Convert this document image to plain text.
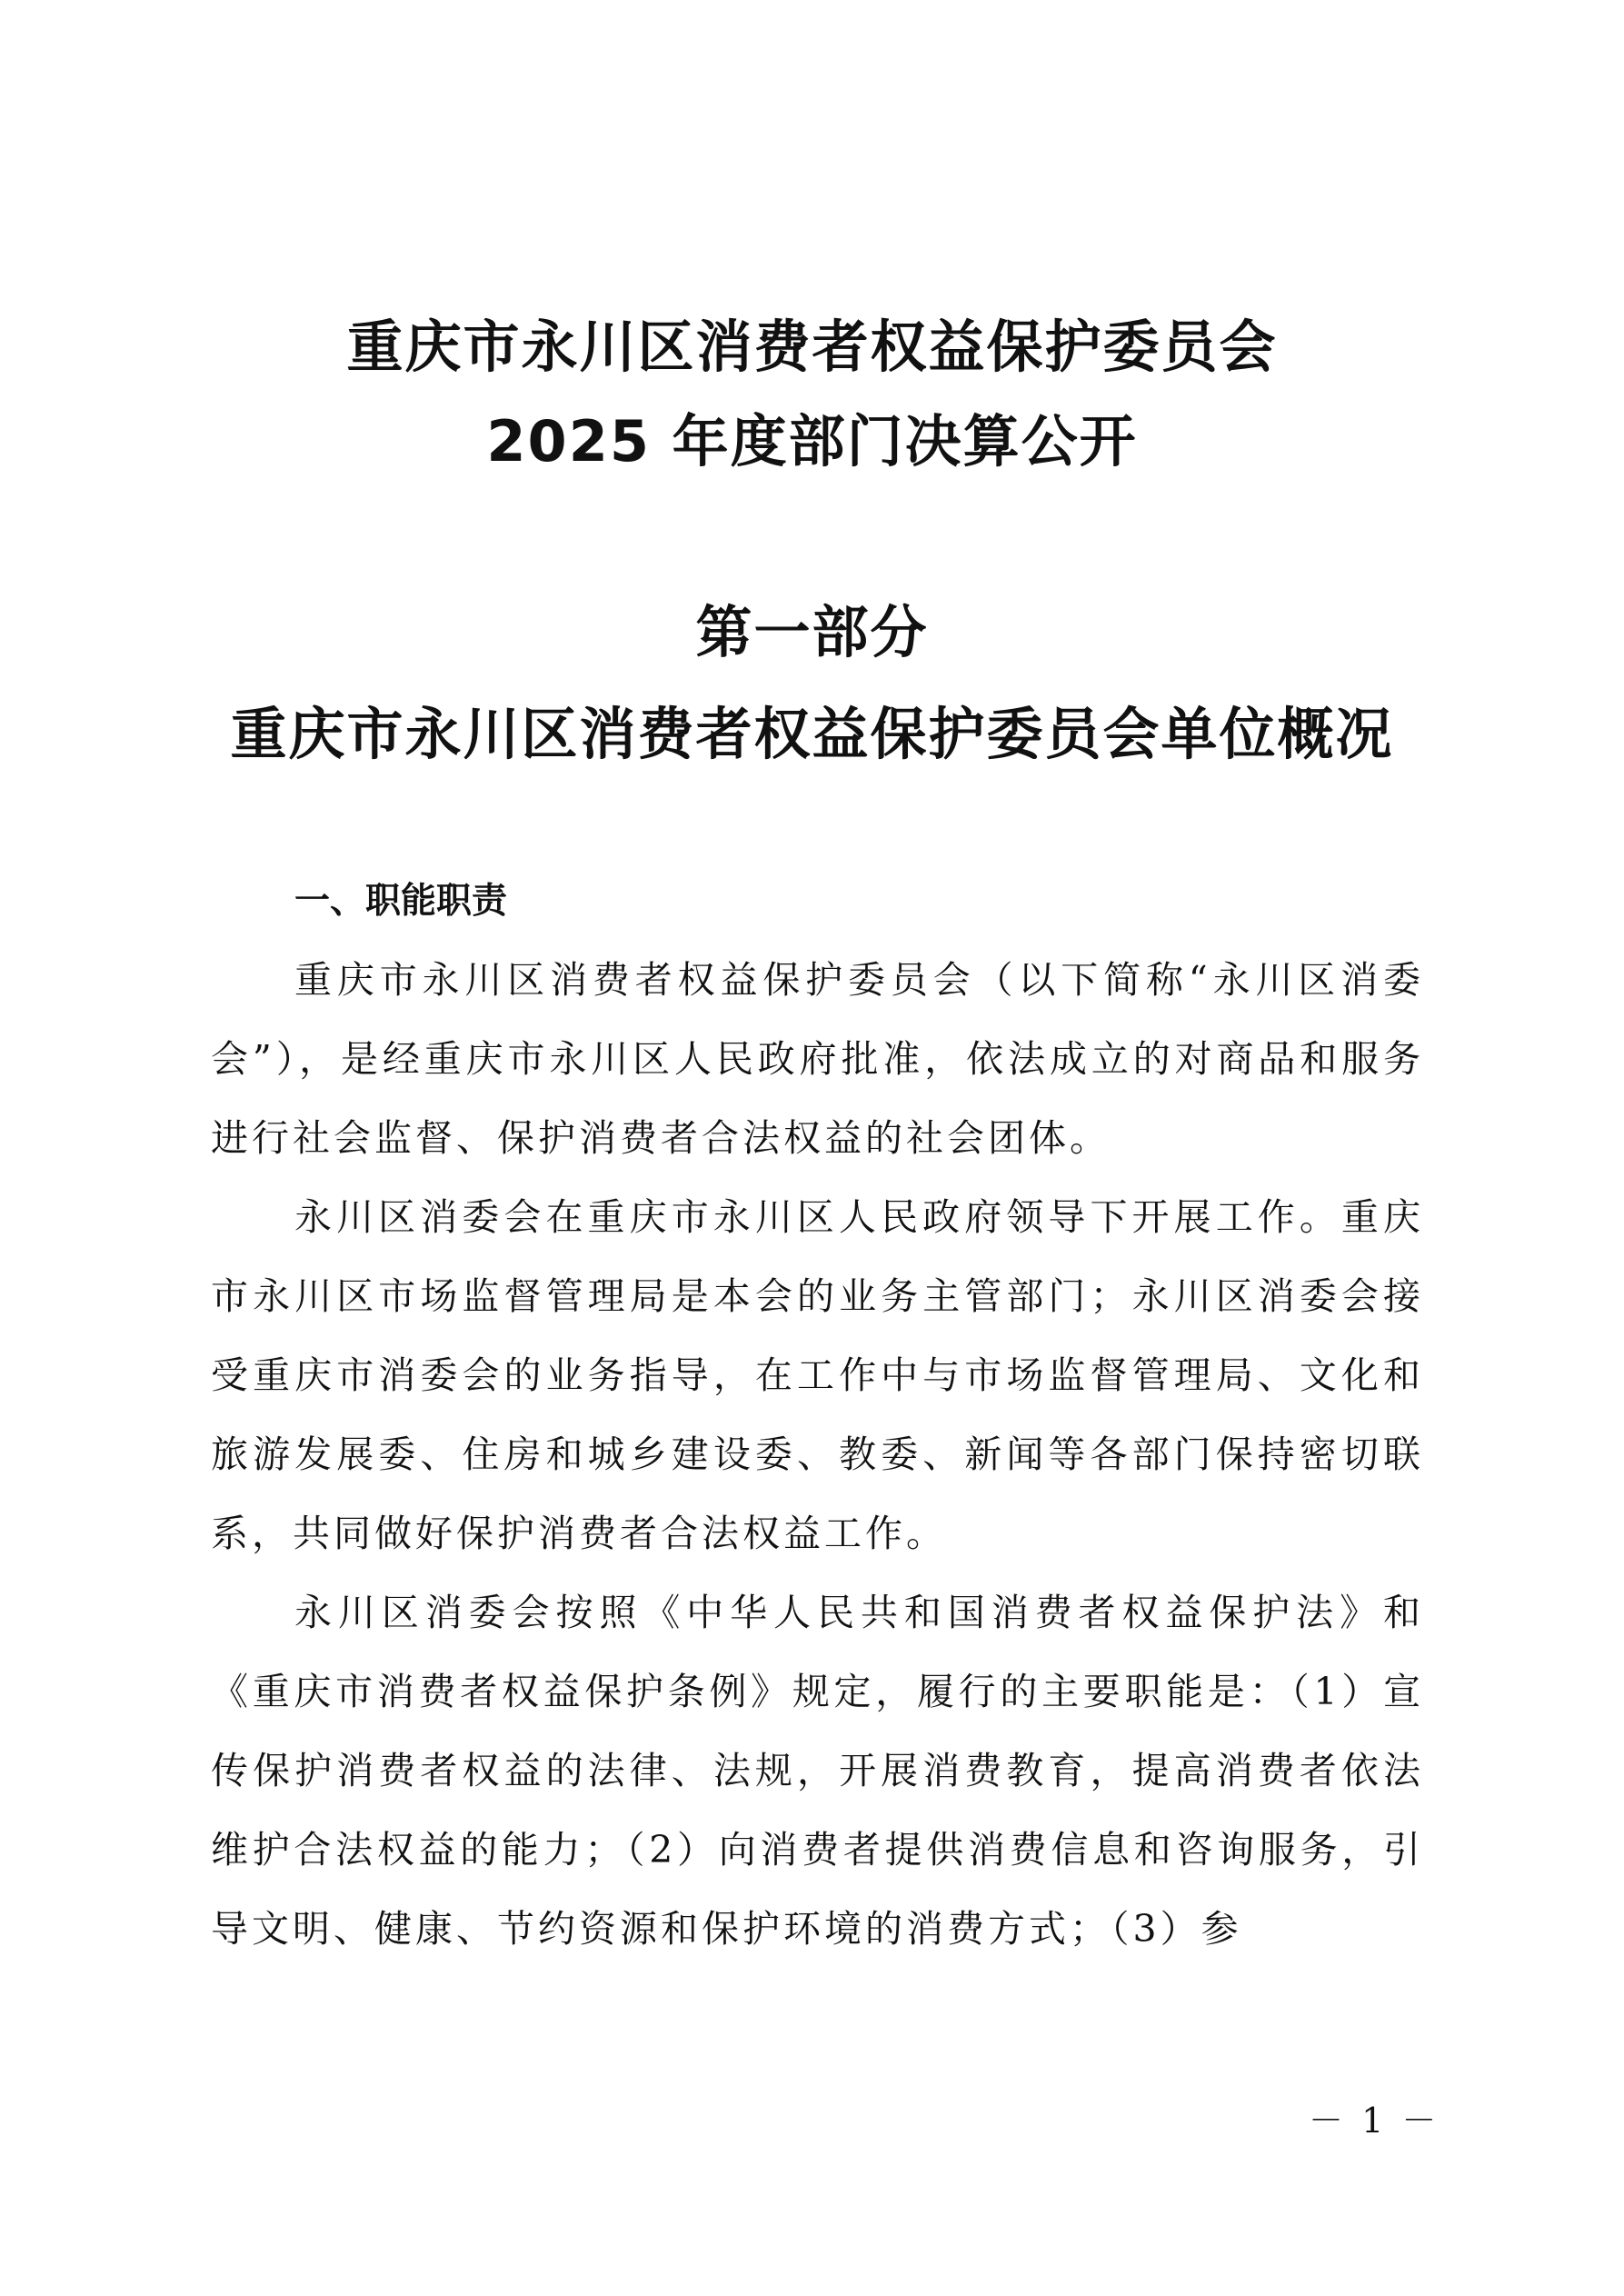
重庆市永川区消费者权益保护委员会
2025 年度部门决算公开
第一部分
重庆市永川区消费者权益保护委员会单位概况
一、职能职责

重庆市永川区消费者权益保护委员会（以下简称“永川区消委会”），是经重庆市永川区人民政府批准，依法成立的对商品和服务进行社会监督、保护消费者合法权益的社会团体。

永川区消委会在重庆市永川区人民政府领导下开展工作。重庆市永川区市场监督管理局是本会的业务主管部门；永川区消委会接受重庆市消委会的业务指导，在工作中与市场监督管理局、文化和旅游发展委、住房和城乡建设委、教委、新闻等各部门保持密切联系，共同做好保护消费者合法权益工作。

永川区消委会按照《中华人民共和国消费者权益保护法》和《重庆市消费者权益保护条例》规定，履行的主要职能是：（1）宣传保护消费者权益的法律、法规，开展消费教育，提高消费者依法维护合法权益的能力；（2）向消费者提供消费信息和咨询服务，引导文明、健康、节约资源和保护环境的消费方式；（3）参

－ 1 －
